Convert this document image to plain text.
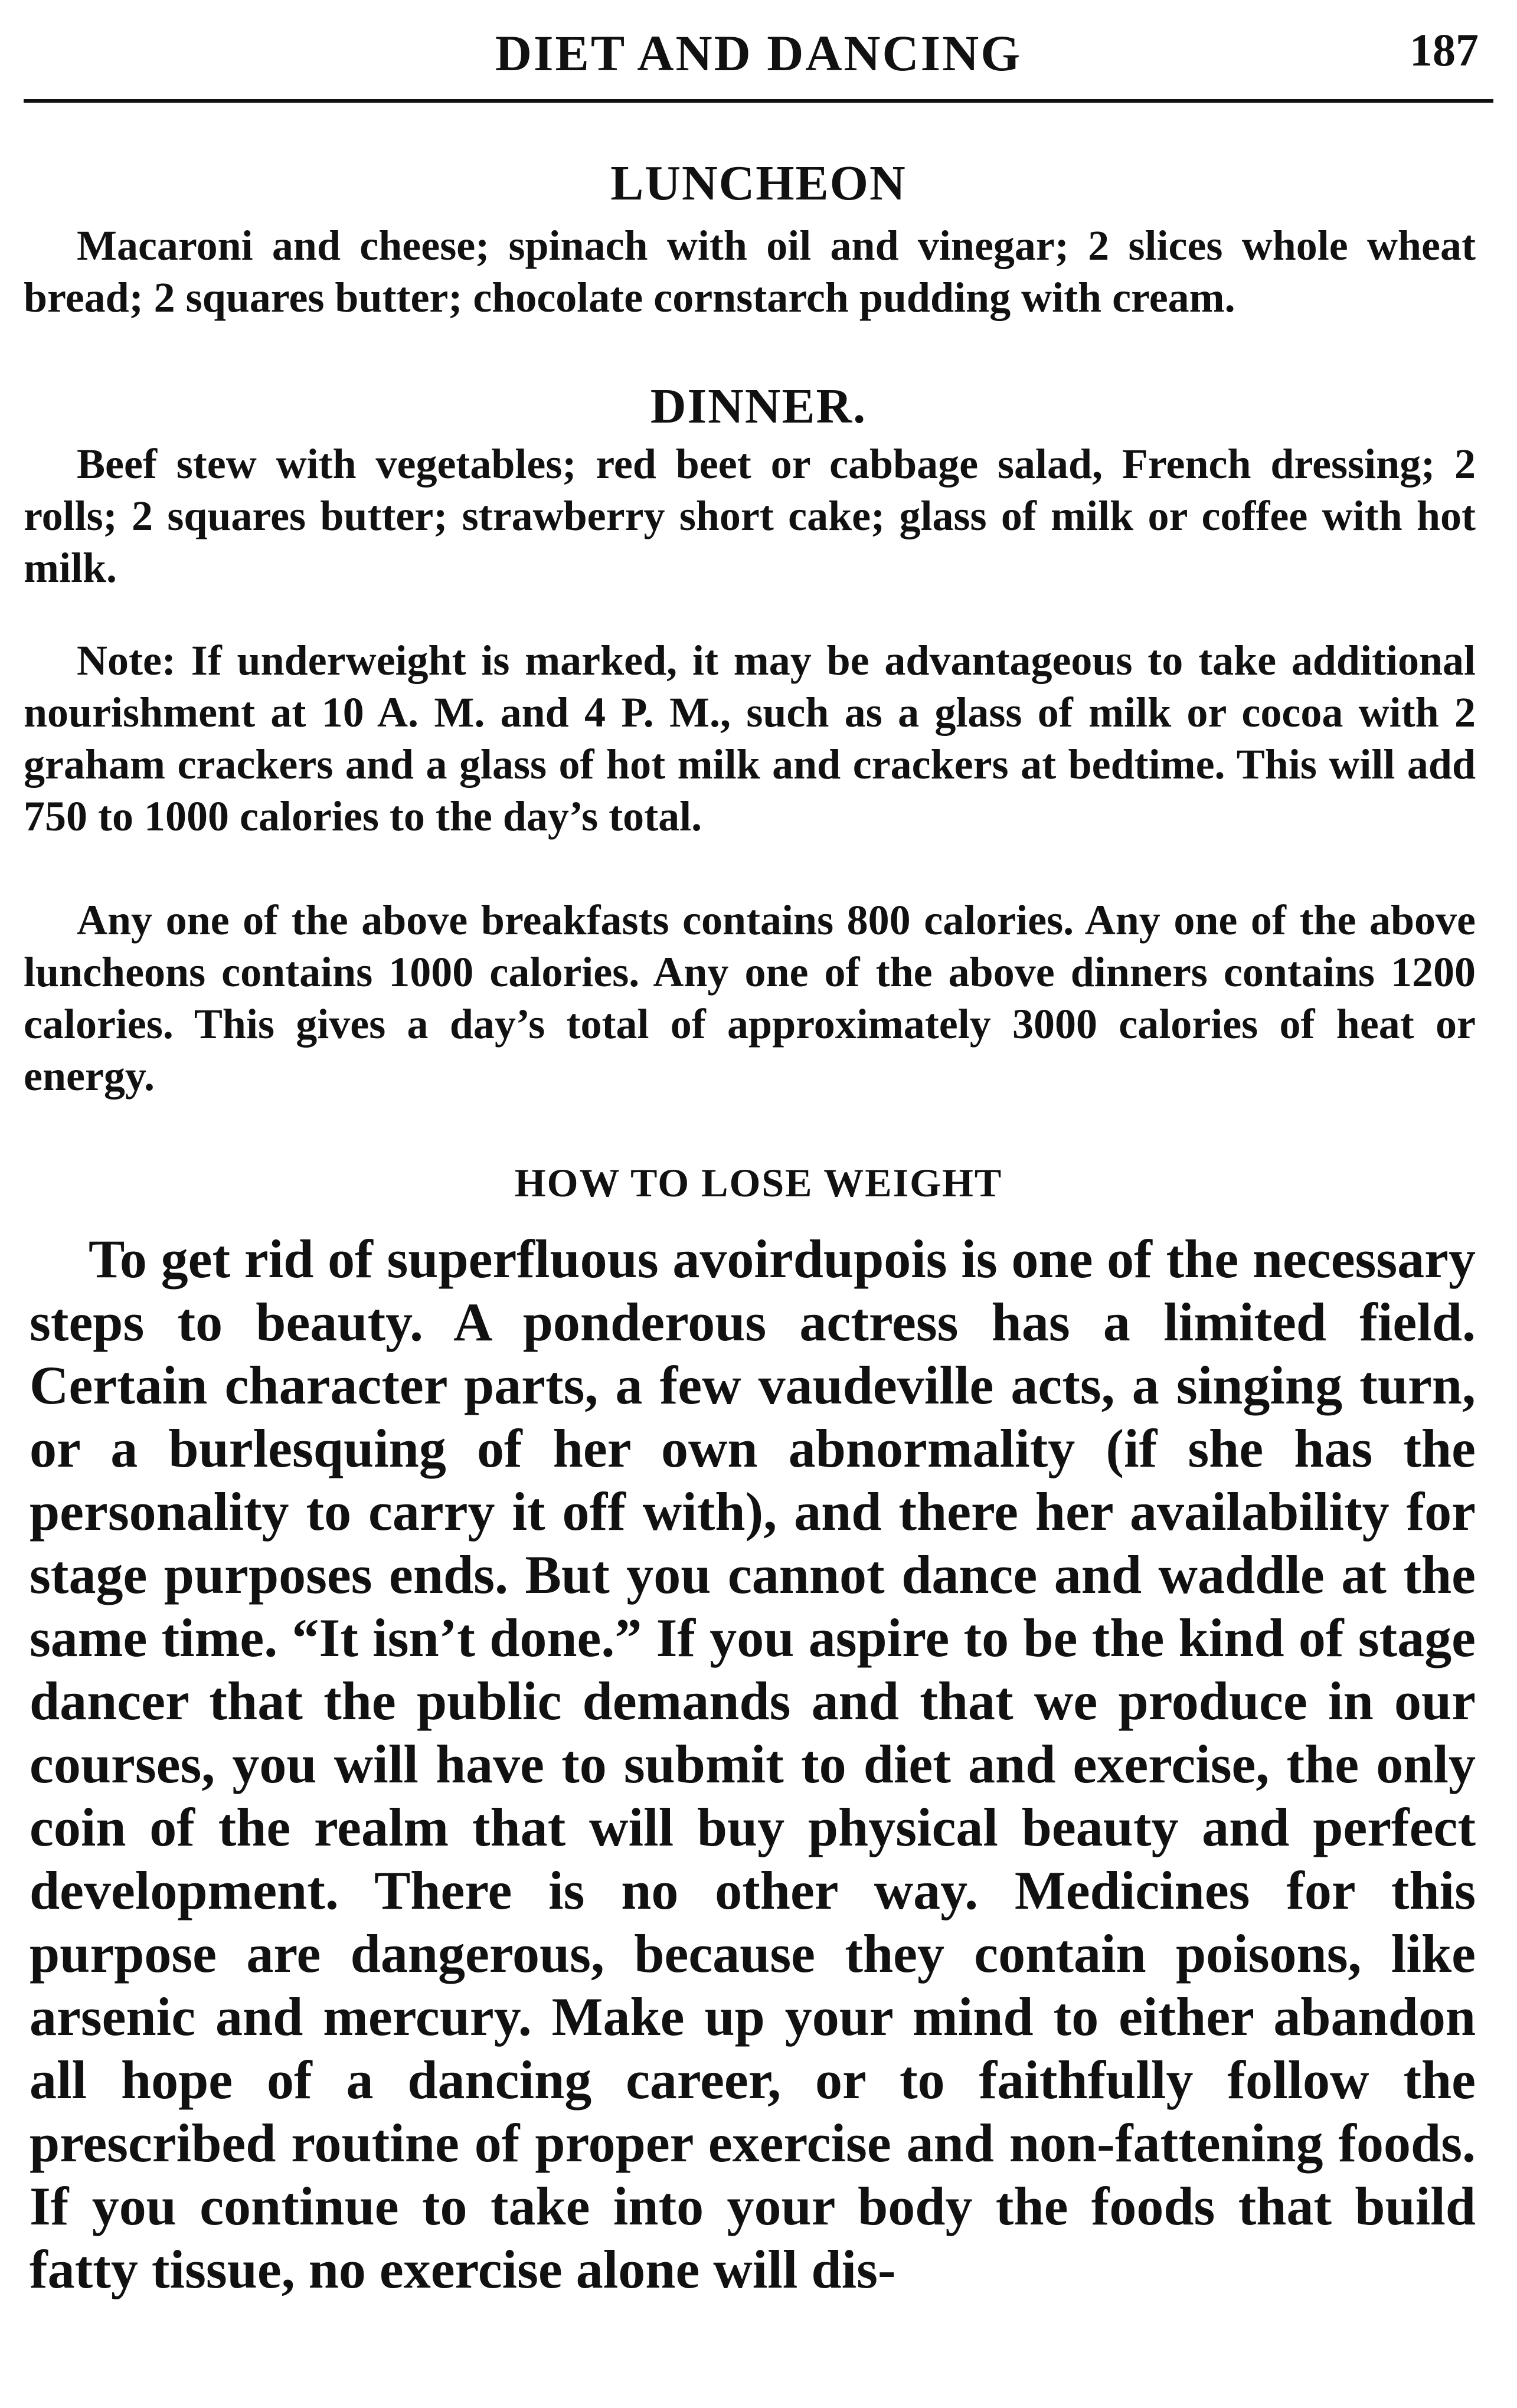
DIET AND DANCING	187
LUNCHEON

Macaroni and cheese; spinach with oil and vinegar; 2 slices whole wheat bread; 2 squares butter; chocolate cornstarch pudding with cream.

DINNER.

Beef stew with vegetables; red beet or cabbage salad, French dressing; 2 rolls; 2 squares butter; strawberry short cake; glass of milk or coffee with hot milk.

Note: If underweight is marked, it may be advantageous to take additional nourishment at 10 A. M. and 4 P. M., such as a glass of milk or cocoa with 2 graham crackers and a glass of hot milk and crackers at bedtime. This will add 750 to 1000 calories to the day’s total.

Any one of the above breakfasts contains 800 calories. Any one of the above luncheons contains 1000 calories. Any one of the above dinners contains 1200 calories. This gives a day’s total of approximately 3000 calories of heat or energy.

HOW TO LOSE WEIGHT

To get rid of superfluous avoirdupois is one of the necessary steps to beauty. A ponderous actress has a limited field. Certain character parts, a few vaudeville acts, a singing turn, or a burlesquing of her own abnormality (if she has the personality to carry it off with), and there her availability for stage purposes ends. But you cannot dance and waddle at the same time. “It isn’t done.” If you aspire to be the kind of stage dancer that the public demands and that we produce in our courses, you will have to submit to diet and exercise, the only coin of the realm that will buy physical beauty and perfect development. There is no other way. Medicines for this purpose are dangerous, because they contain poisons, like arsenic and mercury. Make up your mind to either abandon all hope of a dancing career, or to faithfully follow the prescribed routine of proper exercise and non-fattening foods. If you continue to take into your body the foods that build fatty tissue, no exercise alone will dis-
